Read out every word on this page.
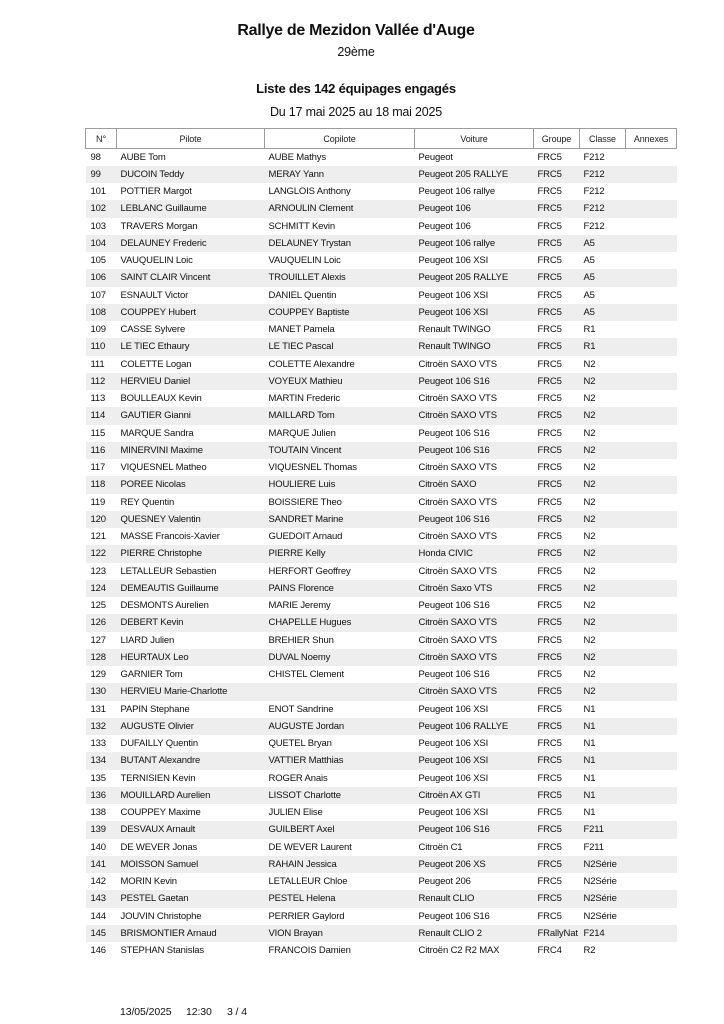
Rallye de Mezidon Vallée d'Auge
29ème
Liste des 142 équipages engagés
Du 17 mai 2025 au 18 mai 2025
N°	Pilote	Copilote	Voiture	Groupe	Classe	Annexes
98	AUBE Tom	AUBE Mathys	Peugeot	FRC5	F212	
99	DUCOIN Teddy	MERAY Yann	Peugeot 205 RALLYE	FRC5	F212	
101	POTTIER Margot	LANGLOIS Anthony	Peugeot 106 rallye	FRC5	F212	
102	LEBLANC Guillaume	ARNOULIN Clement	Peugeot 106	FRC5	F212	
103	TRAVERS Morgan	SCHMITT Kevin	Peugeot 106	FRC5	F212	
104	DELAUNEY Frederic	DELAUNEY Trystan	Peugeot 106 rallye	FRC5	A5	
105	VAUQUELIN Loic	VAUQUELIN Loic	Peugeot 106 XSI	FRC5	A5	
106	SAINT CLAIR Vincent	TROUILLET Alexis	Peugeot 205 RALLYE	FRC5	A5	
107	ESNAULT Victor	DANIEL Quentin	Peugeot 106 XSI	FRC5	A5	
108	COUPPEY Hubert	COUPPEY Baptiste	Peugeot 106 XSI	FRC5	A5	
109	CASSE Sylvere	MANET Pamela	Renault TWINGO	FRC5	R1	
110	LE TIEC Ethaury	LE TIEC Pascal	Renault TWINGO	FRC5	R1	
111	COLETTE Logan	COLETTE Alexandre	Citroën SAXO VTS	FRC5	N2	
112	HERVIEU Daniel	VOYEUX Mathieu	Peugeot 106 S16	FRC5	N2	
113	BOULLEAUX Kevin	MARTIN Frederic	Citroën SAXO VTS	FRC5	N2	
114	GAUTIER Gianni	MAILLARD Tom	Citroën SAXO VTS	FRC5	N2	
115	MARQUE Sandra	MARQUE Julien	Peugeot 106 S16	FRC5	N2	
116	MINERVINI Maxime	TOUTAIN Vincent	Peugeot 106 S16	FRC5	N2	
117	VIQUESNEL Matheo	VIQUESNEL Thomas	Citroën SAXO VTS	FRC5	N2	
118	POREE Nicolas	HOULIERE Luis	Citroën SAXO	FRC5	N2	
119	REY Quentin	BOISSIERE Theo	Citroën SAXO VTS	FRC5	N2	
120	QUESNEY Valentin	SANDRET Marine	Peugeot 106 S16	FRC5	N2	
121	MASSE Francois-Xavier	GUEDOIT Arnaud	Citroën SAXO VTS	FRC5	N2	
122	PIERRE Christophe	PIERRE Kelly	Honda CIVIC	FRC5	N2	
123	LETALLEUR Sebastien	HERFORT Geoffrey	Citroën SAXO VTS	FRC5	N2	
124	DEMEAUTIS Guillaume	PAINS Florence	Citroën Saxo VTS	FRC5	N2	
125	DESMONTS Aurelien	MARIE Jeremy	Peugeot 106 S16	FRC5	N2	
126	DEBERT Kevin	CHAPELLE Hugues	Citroën SAXO VTS	FRC5	N2	
127	LIARD Julien	BREHIER Shun	Citroën SAXO VTS	FRC5	N2	
128	HEURTAUX Leo	DUVAL Noemy	Citroën SAXO VTS	FRC5	N2	
129	GARNIER Tom	CHISTEL Clement	Peugeot 106 S16	FRC5	N2	
130	HERVIEU Marie-Charlotte		Citroën SAXO VTS	FRC5	N2	
131	PAPIN Stephane	ENOT Sandrine	Peugeot 106 XSI	FRC5	N1	
132	AUGUSTE Olivier	AUGUSTE Jordan	Peugeot 106 RALLYE	FRC5	N1	
133	DUFAILLY Quentin	QUETEL Bryan	Peugeot 106 XSI	FRC5	N1	
134	BUTANT Alexandre	VATTIER Matthias	Peugeot 106 XSI	FRC5	N1	
135	TERNISIEN Kevin	ROGER Anais	Peugeot 106 XSI	FRC5	N1	
136	MOUILLARD Aurelien	LISSOT Charlotte	Citroën AX GTI	FRC5	N1	
138	COUPPEY Maxime	JULIEN Elise	Peugeot 106 XSI	FRC5	N1	
139	DESVAUX Arnault	GUILBERT Axel	Peugeot 106 S16	FRC5	F211	
140	DE WEVER Jonas	DE WEVER Laurent	Citroën C1	FRC5	F211	
141	MOISSON Samuel	RAHAIN Jessica	Peugeot 206 XS	FRC5	N2Série	
142	MORIN Kevin	LETALLEUR Chloe	Peugeot 206	FRC5	N2Série	
143	PESTEL Gaetan	PESTEL Helena	Renault CLIO	FRC5	N2Série	
144	JOUVIN Christophe	PERRIER Gaylord	Peugeot 106 S16	FRC5	N2Série	
145	BRISMONTIER Arnaud	VION Brayan	Renault CLIO 2	FRallyNat	F214	
146	STEPHAN Stanislas	FRANCOIS Damien	Citroën C2 R2 MAX	FRC4	R2	
13/05/2025 12:30 3 / 4
